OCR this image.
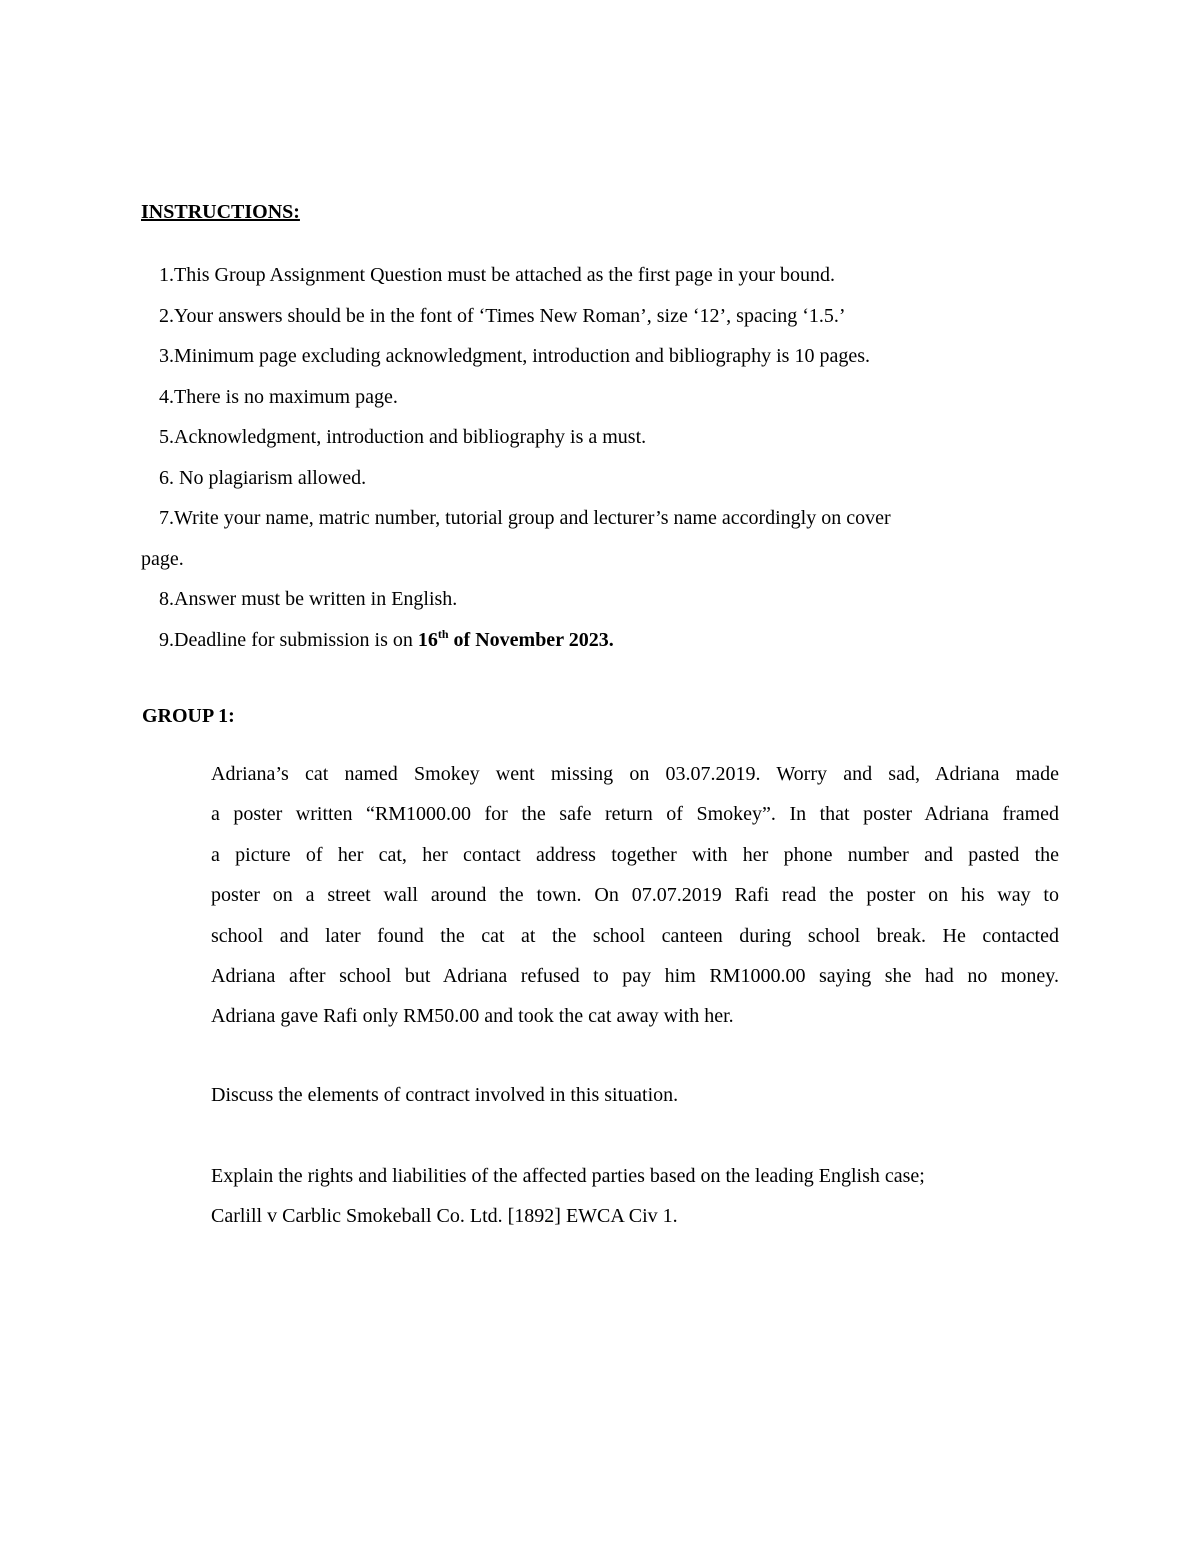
INSTRUCTIONS:
1. This Group Assignment Question must be attached as the first page in your bound.
2. Your answers should be in the font of ‘Times New Roman’, size ‘12’, spacing ‘1.5.’
3. Minimum page excluding acknowledgment, introduction and bibliography is 10 pages.
4. There is no maximum page.
5. Acknowledgment, introduction and bibliography is a must.
6. No plagiarism allowed.
7. Write your name, matric number, tutorial group and lecturer’s name accordingly on cover
page.
8. Answer must be written in English.
9. Deadline for submission is on 16th of November 2023.
GROUP 1:
Adriana’s cat named Smokey went missing on 03.07.2019. Worry and sad, Adriana made
a poster written “RM1000.00 for the safe return of Smokey”. In that poster Adriana framed
a picture of her cat, her contact address together with her phone number and pasted the
poster on a street wall around the town. On 07.07.2019 Rafi read the poster on his way to
school and later found the cat at the school canteen during school break. He contacted
Adriana after school but Adriana refused to pay him RM1000.00 saying she had no money.
Adriana gave Rafi only RM50.00 and took the cat away with her.
Discuss the elements of contract involved in this situation.
Explain the rights and liabilities of the affected parties based on the leading English case;
Carlill v Carblic Smokeball Co. Ltd. [1892] EWCA Civ 1.
